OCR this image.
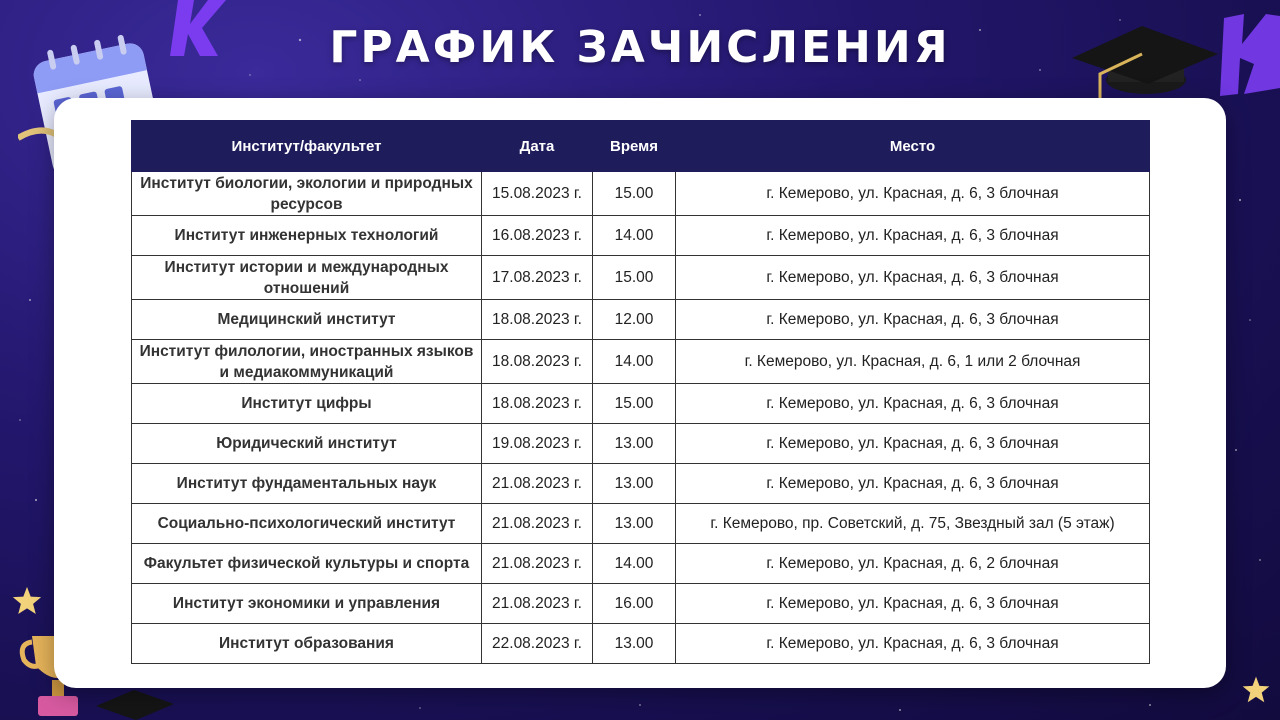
ГРАФИК ЗАЧИСЛЕНИЯ
Институт/факультет	Дата	Время	Место
Институт биологии, экологии и природных ресурсов	15.08.2023 г.	15.00	г. Кемерово, ул. Красная, д. 6, 3 блочная
Институт инженерных технологий	16.08.2023 г.	14.00	г. Кемерово, ул. Красная, д. 6, 3 блочная
Институт истории и международных отношений	17.08.2023 г.	15.00	г. Кемерово, ул. Красная, д. 6, 3 блочная
Медицинский институт	18.08.2023 г.	12.00	г. Кемерово, ул. Красная, д. 6, 3 блочная
Институт филологии, иностранных языков и медиакоммуникаций	18.08.2023 г.	14.00	г. Кемерово, ул. Красная, д. 6, 1 или 2 блочная
Институт цифры	18.08.2023 г.	15.00	г. Кемерово, ул. Красная, д. 6, 3 блочная
Юридический институт	19.08.2023 г.	13.00	г. Кемерово, ул. Красная, д. 6, 3 блочная
Институт фундаментальных наук	21.08.2023 г.	13.00	г. Кемерово, ул. Красная, д. 6, 3 блочная
Социально-психологический институт	21.08.2023 г.	13.00	г. Кемерово, пр. Советский, д. 75, Звездный зал (5 этаж)
Факультет физической культуры и спорта	21.08.2023 г.	14.00	г. Кемерово, ул. Красная, д. 6, 2 блочная
Институт экономики и управления	21.08.2023 г.	16.00	г. Кемерово, ул. Красная, д. 6, 3 блочная
Институт образования	22.08.2023 г.	13.00	г. Кемерово, ул. Красная, д. 6, 3 блочная
